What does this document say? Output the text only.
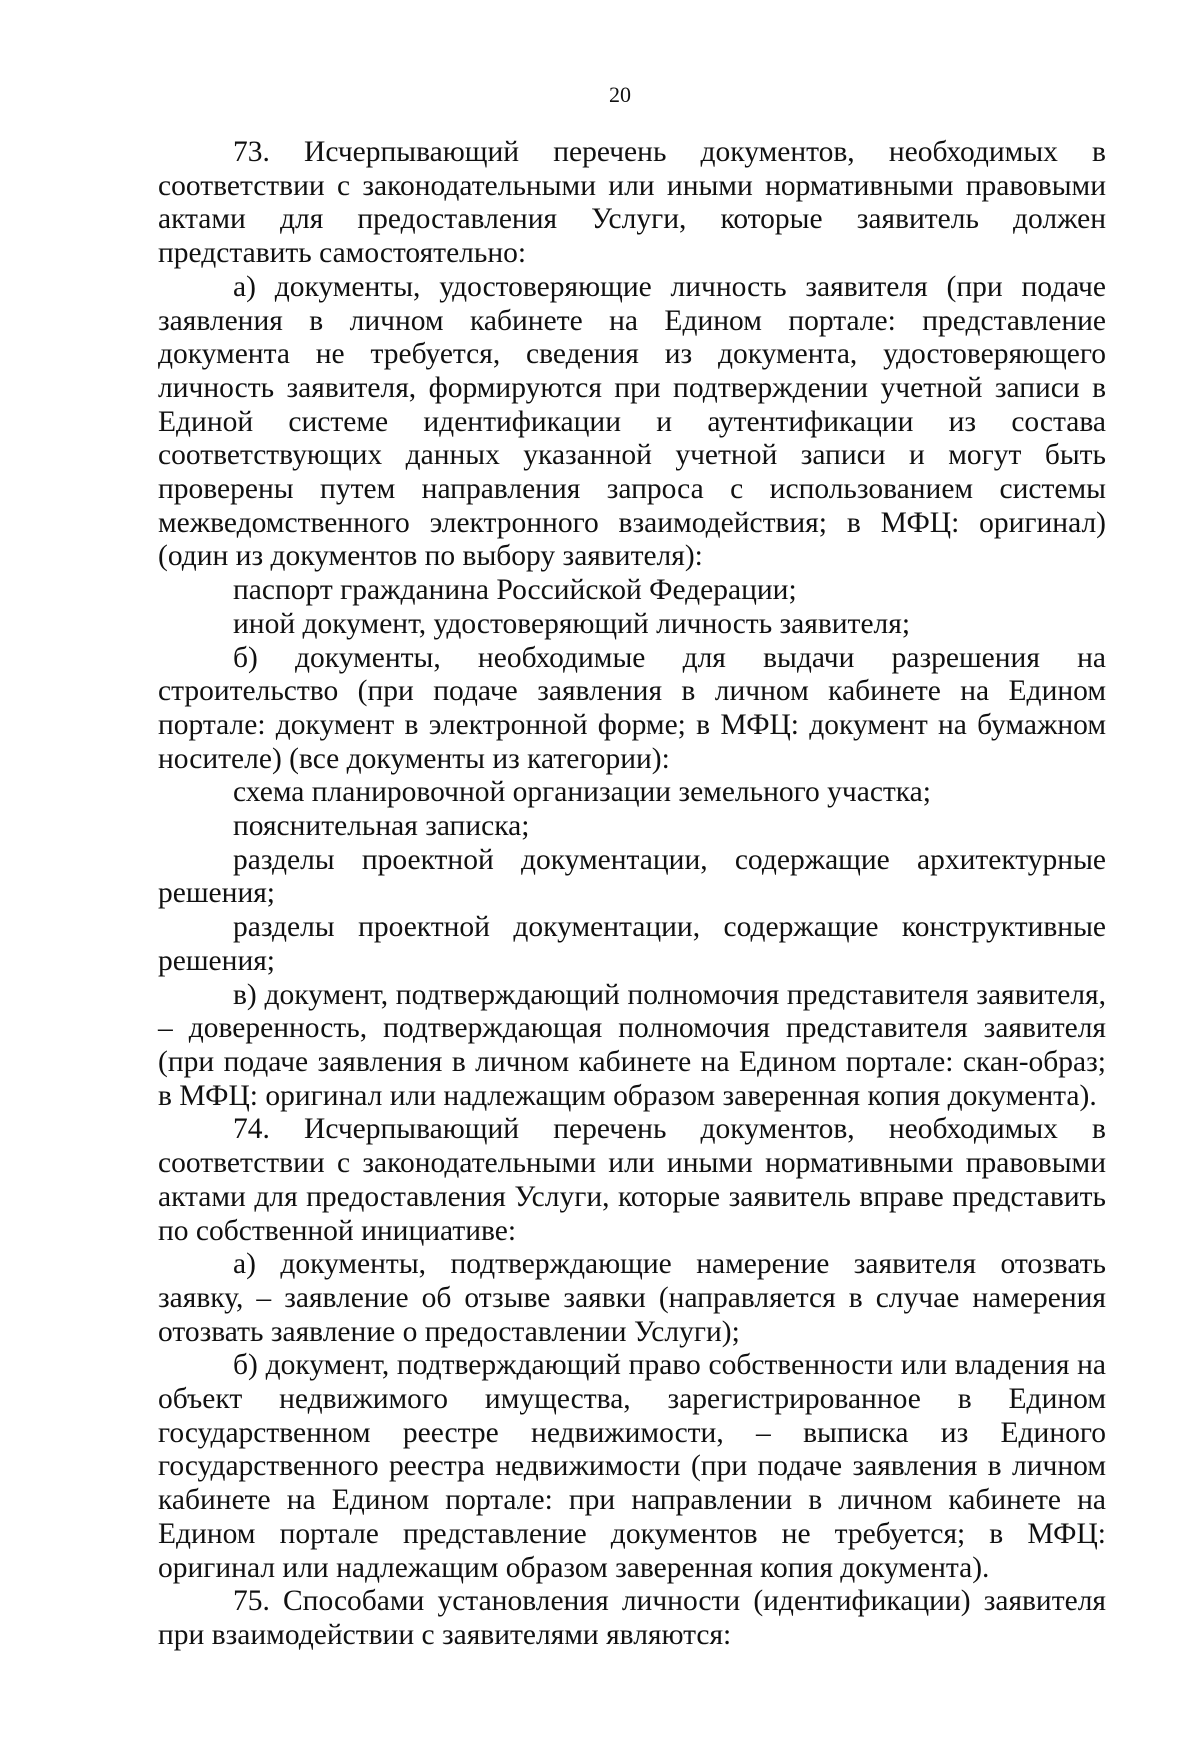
20

73. Исчерпывающий перечень документов, необходимых в соответствии с законодательными или иными нормативными правовыми актами для предоставления Услуги, которые заявитель должен представить самостоятельно:

а) документы, удостоверяющие личность заявителя (при подаче заявления в личном кабинете на Едином портале: представление документа не требуется, сведения из документа, удостоверяющего личность заявителя, формируются при подтверждении учетной записи в Единой системе идентификации и аутентификации из состава соответствующих данных указанной учетной записи и могут быть проверены путем направления запроса с использованием системы межведомственного электронного взаимодействия; в МФЦ: оригинал) (один из документов по выбору заявителя):

паспорт гражданина Российской Федерации;

иной документ, удостоверяющий личность заявителя;

б) документы, необходимые для выдачи разрешения на строительство (при подаче заявления в личном кабинете на Едином портале: документ в электронной форме; в МФЦ: документ на бумажном носителе) (все документы из категории):

схема планировочной организации земельного участка;

пояснительная записка;

разделы проектной документации, содержащие архитектурные решения;

разделы проектной документации, содержащие конструктивные решения;

в) документ, подтверждающий полномочия представителя заявителя, – доверенность, подтверждающая полномочия представителя заявителя (при подаче заявления в личном кабинете на Едином портале: скан-образ; в МФЦ: оригинал или надлежащим образом заверенная копия документа).

74. Исчерпывающий перечень документов, необходимых в соответствии с законодательными или иными нормативными правовыми актами для предоставления Услуги, которые заявитель вправе представить по собственной инициативе:

а) документы, подтверждающие намерение заявителя отозвать заявку, – заявление об отзыве заявки (направляется в случае намерения отозвать заявление о предоставлении Услуги);

б) документ, подтверждающий право собственности или владения на объект недвижимого имущества, зарегистрированное в Едином государственном реестре недвижимости, – выписка из Единого государственного реестра недвижимости (при подаче заявления в личном кабинете на Едином портале: при направлении в личном кабинете на Едином портале представление документов не требуется; в МФЦ: оригинал или надлежащим образом заверенная копия документа).

75. Способами установления личности (идентификации) заявителя при взаимодействии с заявителями являются:
